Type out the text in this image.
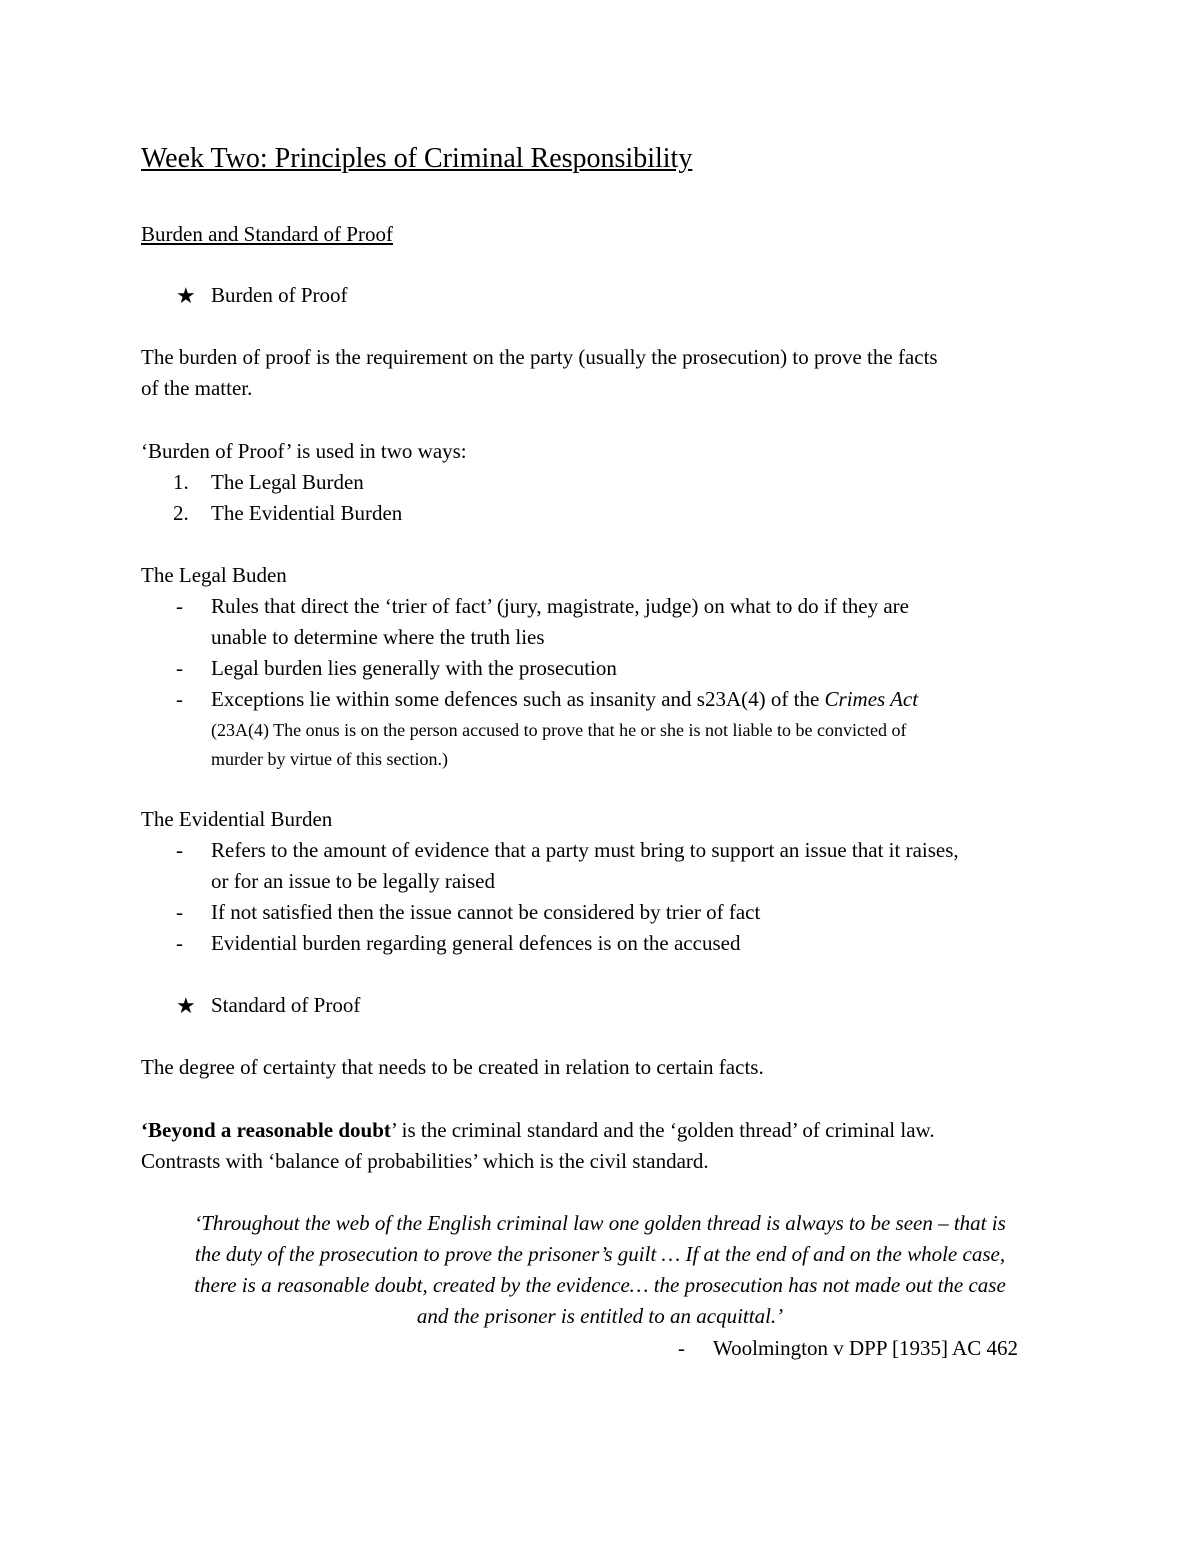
Week Two: Principles of Criminal Responsibility
Burden and Standard of Proof
★ Burden of Proof
The burden of proof is the requirement on the party (usually the prosecution) to prove the facts
of the matter.
‘Burden of Proof’ is used in two ways:
1. The Legal Burden
2. The Evidential Burden
The Legal Buden
- Rules that direct the ‘trier of fact’ (jury, magistrate, judge) on what to do if they are
unable to determine where the truth lies
- Legal burden lies generally with the prosecution
- Exceptions lie within some defences such as insanity and s23A(4) of the Crimes Act
(23A(4) The onus is on the person accused to prove that he or she is not liable to be convicted of
murder by virtue of this section.)
The Evidential Burden
- Refers to the amount of evidence that a party must bring to support an issue that it raises,
or for an issue to be legally raised
- If not satisfied then the issue cannot be considered by trier of fact
- Evidential burden regarding general defences is on the accused
★ Standard of Proof
The degree of certainty that needs to be created in relation to certain facts.
‘Beyond a reasonable doubt’ is the criminal standard and the ‘golden thread’ of criminal law.
Contrasts with ‘balance of probabilities’ which is the civil standard.
‘Throughout the web of the English criminal law one golden thread is always to be seen – that is
the duty of the prosecution to prove the prisoner’s guilt … If at the end of and on the whole case,
there is a reasonable doubt, created by the evidence… the prosecution has not made out the case
and the prisoner is entitled to an acquittal.’
- Woolmington v DPP [1935] AC 462
